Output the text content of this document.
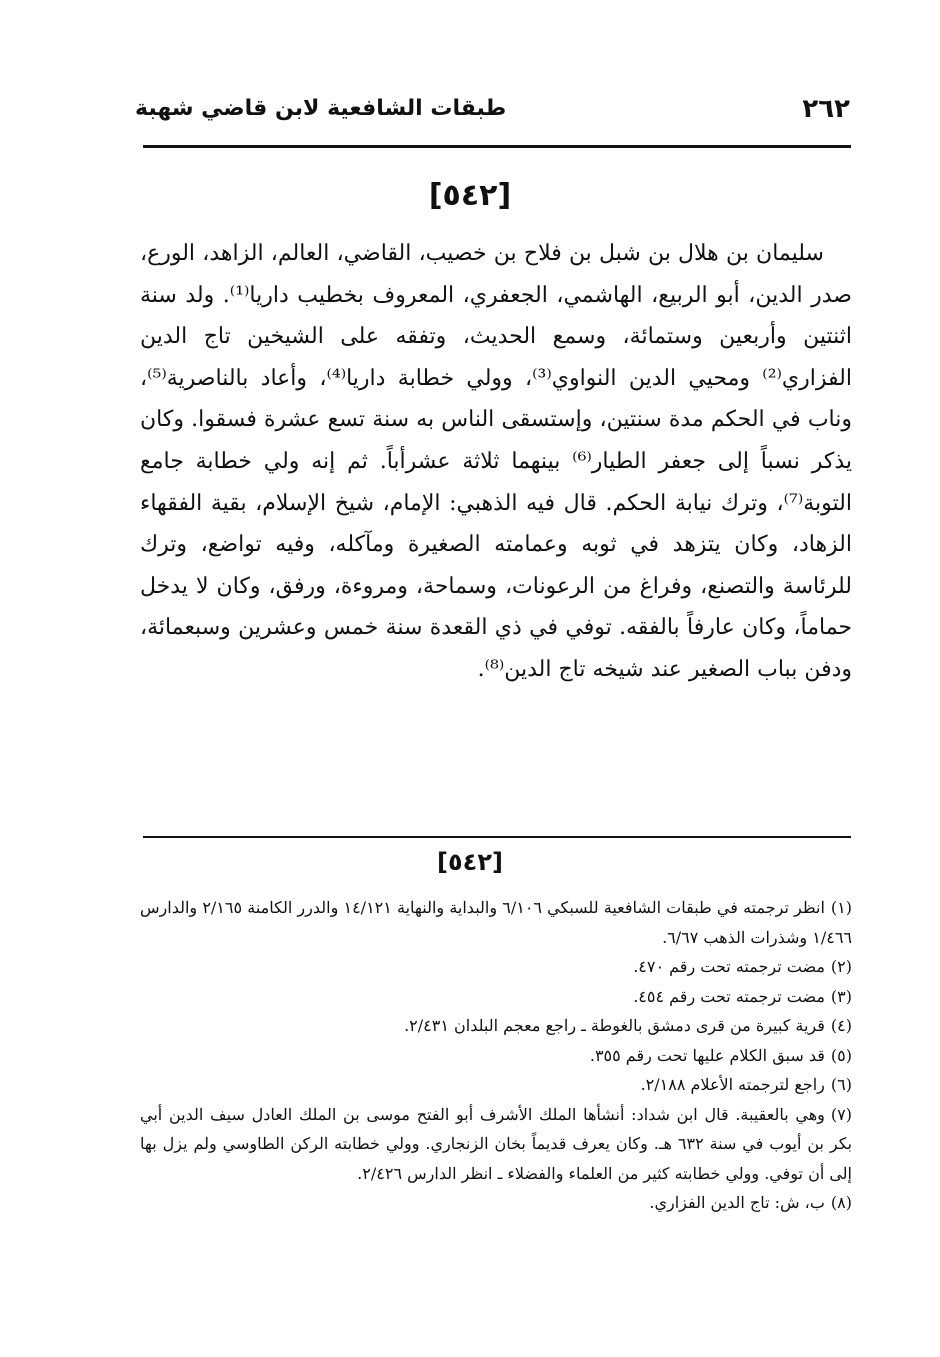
٢٦٢
طبقات الشافعية لابن قاضي شهبة
[٥٤٢]

سليمان بن هلال بن شبل بن فلاح بن خصيب، القاضي، العالم، الزاهد، الورع، صدر الدين، أبو الربيع، الهاشمي، الجعفري، المعروف بخطيب داريا⁽¹⁾. ولد سنة اثنتين وأربعين وستمائة، وسمع الحديث، وتفقه على الشيخين تاج الدين الفزاري⁽²⁾ ومحيي الدين النواوي⁽³⁾، وولي خطابة داريا⁽⁴⁾، وأعاد بالناصرية⁽⁵⁾، وناب في الحكم مدة سنتين، وإستسقى الناس به سنة تسع عشرة فسقوا. وكان يذكر نسباً إلى جعفر الطيار⁽⁶⁾ بينهما ثلاثة عشرأباً. ثم إنه ولي خطابة جامع التوبة⁽⁷⁾، وترك نيابة الحكم. قال فيه الذهبي: الإمام، شيخ الإسلام، بقية الفقهاء الزهاد، وكان يتزهد في ثوبه وعمامته الصغيرة ومآكله، وفيه تواضع، وترك للرئاسة والتصنع، وفراغ من الرعونات، وسماحة، ومروءة، ورفق، وكان لا يدخل حماماً، وكان عارفاً بالفقه. توفي في ذي القعدة سنة خمس وعشرين وسبعمائة، ودفن بباب الصغير عند شيخه تاج الدين⁽⁸⁾.

[٥٤٢]
(١)انظر ترجمته في طبقات الشافعية للسبكي ٦/١٠٦ والبداية والنهاية ١٤/١٢١ والدرر الكامنة ٢/١٦٥ والدارس ١/٤٦٦ وشذرات الذهب ٦/٦٧.
(٢)مضت ترجمته تحت رقم ٤٧٠.
(٣)مضت ترجمته تحت رقم ٤٥٤.
(٤)قرية كبيرة من قرى دمشق بالغوطة ـ راجع معجم البلدان ٢/٤٣١.
(٥)قد سبق الكلام عليها تحت رقم ٣٥٥.
(٦)راجع لترجمته الأعلام ٢/١٨٨.
(٧)وهي بالعقيبة. قال ابن شداد: أنشأها الملك الأشرف أبو الفتح موسى بن الملك العادل سيف الدين أبي بكر بن أيوب في سنة ٦٣٢ هـ. وكان يعرف قديماً بخان الزنجاري. وولي خطابته الركن الطاوسي ولم يزل بها إلى أن توفي. وولي خطابته كثير من العلماء والفضلاء ـ انظر الدارس ٢/٤٢٦.
(٨)ب، ش: تاج الدين الفزاري.
